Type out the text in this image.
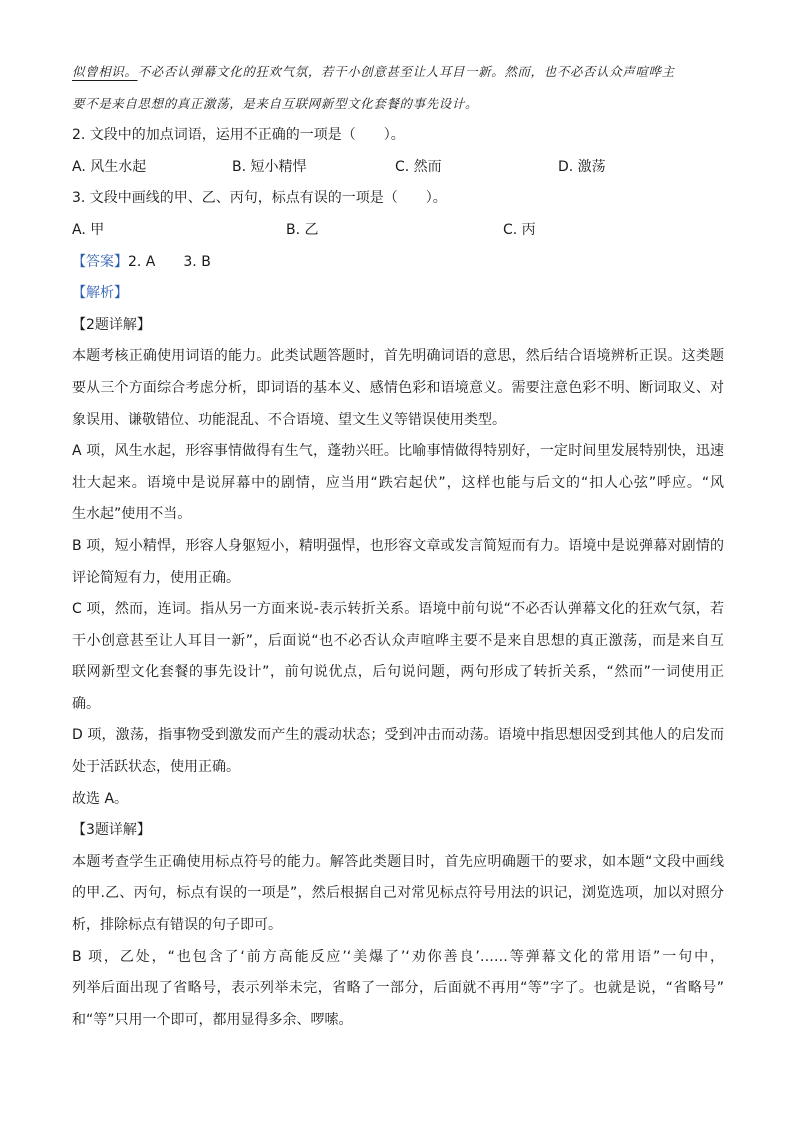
似曾相识。不必否认弹幕文化的狂欢气氛，若干小创意甚至让人耳目一新。然而，也不必否认众声喧哗主
要不是来自思想的真正激荡，是来自互联网新型文化套餐的事先设计。
2. 文段中的加点词语，运用不正确的一项是（　　）。
A. 风生水起	B. 短小精悍	C. 然而	D. 激荡
3. 文段中画线的甲、乙、丙句，标点有误的一项是（　　）。
A. 甲	B. 乙	C. 丙
【答案】2. A　　3. B
【解析】
【2题详解】
本题考核正确使用词语的能力。此类试题答题时，首先明确词语的意思，然后结合语境辨析正误。这类题
要从三个方面综合考虑分析，即词语的基本义、感情色彩和语境意义。需要注意色彩不明、断词取义、对
象误用、谦敬错位、功能混乱、不合语境、望文生义等错误使用类型。
A 项，风生水起，形容事情做得有生气，蓬勃兴旺。比喻事情做得特别好，一定时间里发展特别快，迅速
壮大起来。语境中是说屏幕中的剧情，应当用“跌宕起伏”，这样也能与后文的“扣人心弦”呼应。“风
生水起”使用不当。
B 项，短小精悍，形容人身躯短小，精明强悍，也形容文章或发言简短而有力。语境中是说弹幕对剧情的
评论简短有力，使用正确。
C 项，然而，连词。指从另一方面来说-表示转折关系。语境中前句说“不必否认弹幕文化的狂欢气氛，若
干小创意甚至让人耳目一新”，后面说“也不必否认众声喧哗主要不是来自思想的真正激荡，而是来自互
联网新型文化套餐的事先设计”，前句说优点，后句说问题，两句形成了转折关系，“然而”一词使用正
确。
D 项，激荡，指事物受到激发而产生的震动状态；受到冲击而动荡。语境中指思想因受到其他人的启发而
处于活跃状态，使用正确。
故选 A。
【3题详解】
本题考查学生正确使用标点符号的能力。解答此类题目时，首先应明确题干的要求，如本题“文段中画线
的甲.乙、丙句，标点有误的一项是”，然后根据自己对常见标点符号用法的识记，浏览选项，加以对照分
析，排除标点有错误的句子即可。
B 项，乙处，“也包含了‘前方高能反应’‘美爆了’‘劝你善良’……等弹幕文化的常用语”一句中，
列举后面出现了省略号，表示列举未完，省略了一部分，后面就不再用“等”字了。也就是说，“省略号”
和“等”只用一个即可，都用显得多余、啰嗦。
